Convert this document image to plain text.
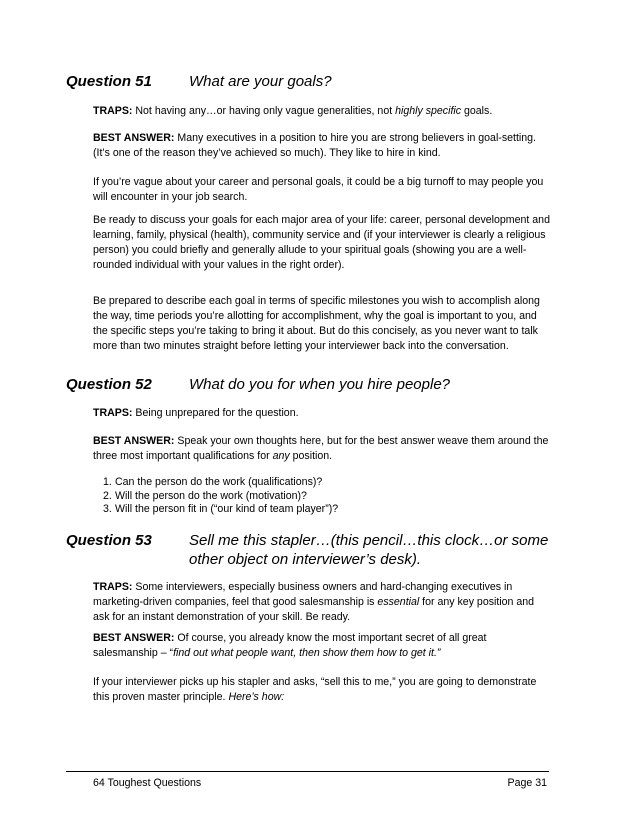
Question 51 What are your goals?
TRAPS: Not having any…or having only vague generalities, not highly specific goals.
BEST ANSWER: Many executives in a position to hire you are strong believers in goal-setting. (It’s one of the reason they’ve achieved so much). They like to hire in kind.
If you’re vague about your career and personal goals, it could be a big turnoff to may people you will encounter in your job search.
Be ready to discuss your goals for each major area of your life: career, personal development and learning, family, physical (health), community service and (if your interviewer is clearly a religious person) you could briefly and generally allude to your spiritual goals (showing you are a well-rounded individual with your values in the right order).
Be prepared to describe each goal in terms of specific milestones you wish to accomplish along the way, time periods you’re allotting for accomplishment, why the goal is important to you, and the specific steps you’re taking to bring it about. But do this concisely, as you never want to talk more than two minutes straight before letting your interviewer back into the conversation.
Question 52 What do you for when you hire people?
TRAPS: Being unprepared for the question.
BEST ANSWER: Speak your own thoughts here, but for the best answer weave them around the three most important qualifications for any position.
1. Can the person do the work (qualifications)?
2. Will the person do the work (motivation)?
3. Will the person fit in (“our kind of team player”)?
Question 53 Sell me this stapler…(this pencil…this clock…or some other object on interviewer’s desk).
TRAPS: Some interviewers, especially business owners and hard-changing executives in marketing-driven companies, feel that good salesmanship is essential for any key position and ask for an instant demonstration of your skill. Be ready.
BEST ANSWER: Of course, you already know the most important secret of all great salesmanship – “find out what people want, then show them how to get it.”
If your interviewer picks up his stapler and asks, “sell this to me,” you are going to demonstrate this proven master principle. Here’s how:
64 Toughest Questions	Page 31
